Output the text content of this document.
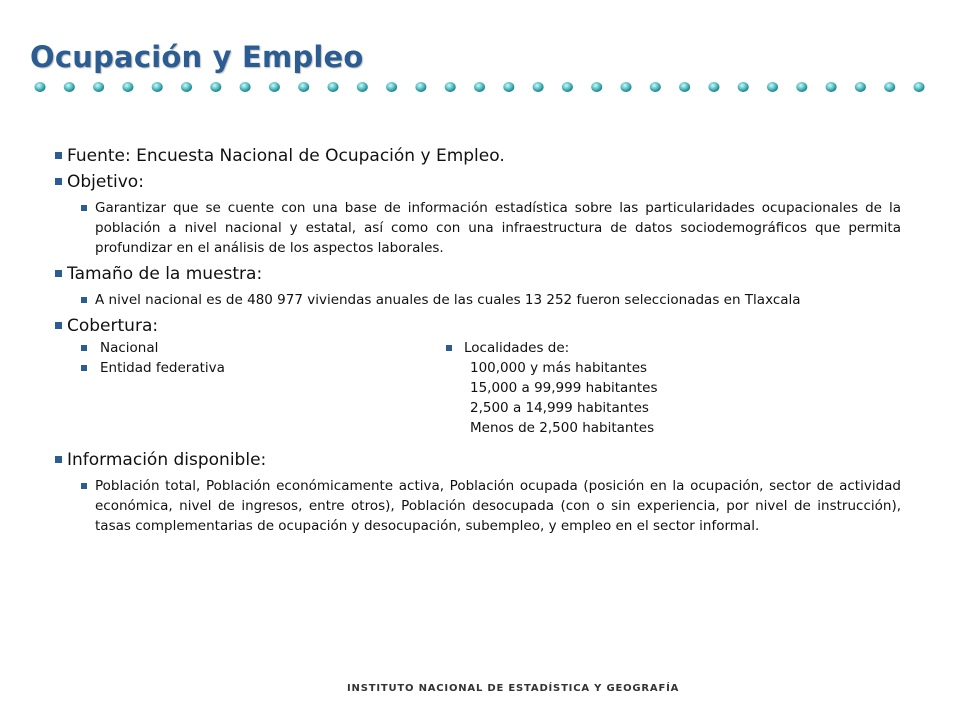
Ocupación y Empleo
Fuente: Encuesta Nacional de Ocupación y Empleo.
Objetivo:
Garantizar que se cuente con una base de información estadística sobre las particularidades ocupacionales de la población a nivel nacional y estatal, así como con una infraestructura de datos sociodemográficos que permita profundizar en el análisis de los aspectos laborales.
Tamaño de la muestra:
A nivel nacional es de 480 977 viviendas anuales de las cuales 13 252 fueron seleccionadas en Tlaxcala
Cobertura:
Nacional
Entidad federativa
Localidades de:
100,000 y más habitantes
15,000 a 99,999 habitantes
2,500 a 14,999 habitantes
Menos de 2,500 habitantes
Información disponible:
Población total, Población económicamente activa, Población ocupada (posición en la ocupación, sector de actividad económica, nivel de ingresos, entre otros), Población desocupada (con o sin experiencia, por nivel de instrucción), tasas complementarias de ocupación y desocupación, subempleo, y empleo en el sector informal.
INSTITUTO NACIONAL DE ESTADÍSTICA Y GEOGRAFÍA
